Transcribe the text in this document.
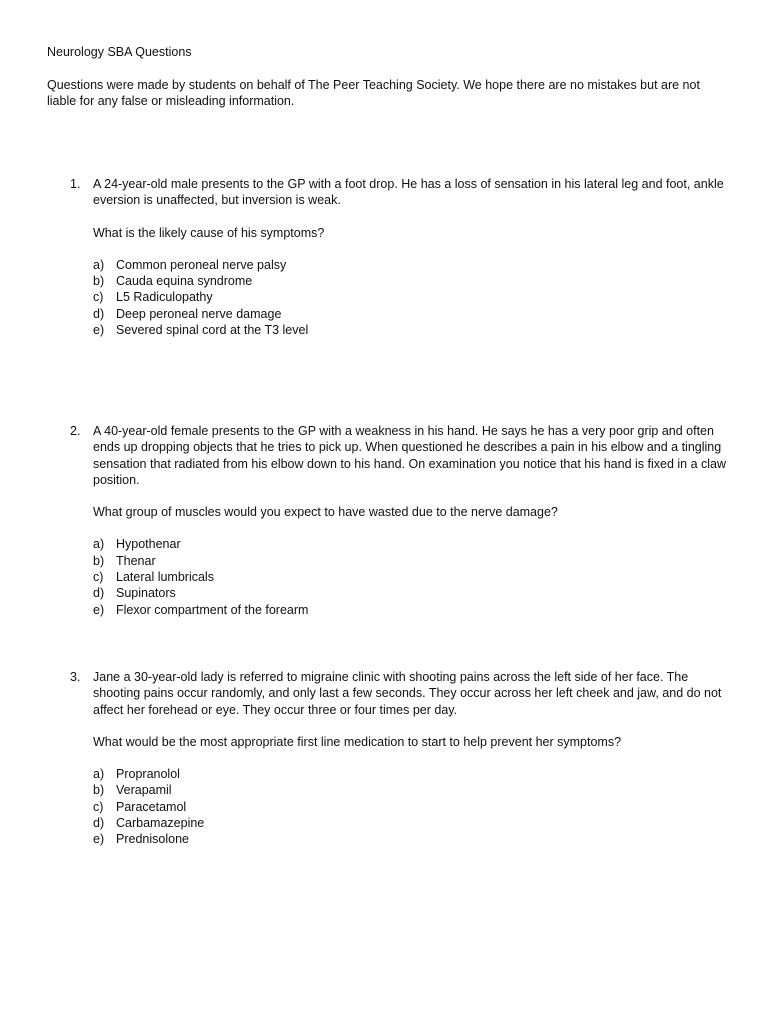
Neurology SBA Questions
Questions were made by students on behalf of The Peer Teaching Society. We hope there are no mistakes but are not liable for any false or misleading information.
1. A 24-year-old male presents to the GP with a foot drop. He has a loss of sensation in his lateral leg and foot, ankle eversion is unaffected, but inversion is weak.

What is the likely cause of his symptoms?

a) Common peroneal nerve palsy
b) Cauda equina syndrome
c)	L5 Radiculopathy
d) Deep peroneal nerve damage
e) Severed spinal cord at the T3 level
2. A 40-year-old female presents to the GP with a weakness in his hand. He says he has a very poor grip and often ends up dropping objects that he tries to pick up. When questioned he describes a pain in his elbow and a tingling sensation that radiated from his elbow down to his hand. On examination you notice that his hand is fixed in a claw position.

What group of muscles would you expect to have wasted due to the nerve damage?

a) Hypothenar
b) Thenar
c)	Lateral lumbricals
d) Supinators
e) Flexor compartment of the forearm
3. Jane a 30-year-old lady is referred to migraine clinic with shooting pains across the left side of her face. The shooting pains occur randomly, and only last a few seconds. They occur across her left cheek and jaw, and do not affect her forehead or eye. They occur three or four times per day.

What would be the most appropriate first line medication to start to help prevent her symptoms?

a) Propranolol
b) Verapamil
c)	Paracetamol
d) Carbamazepine
e) Prednisolone
